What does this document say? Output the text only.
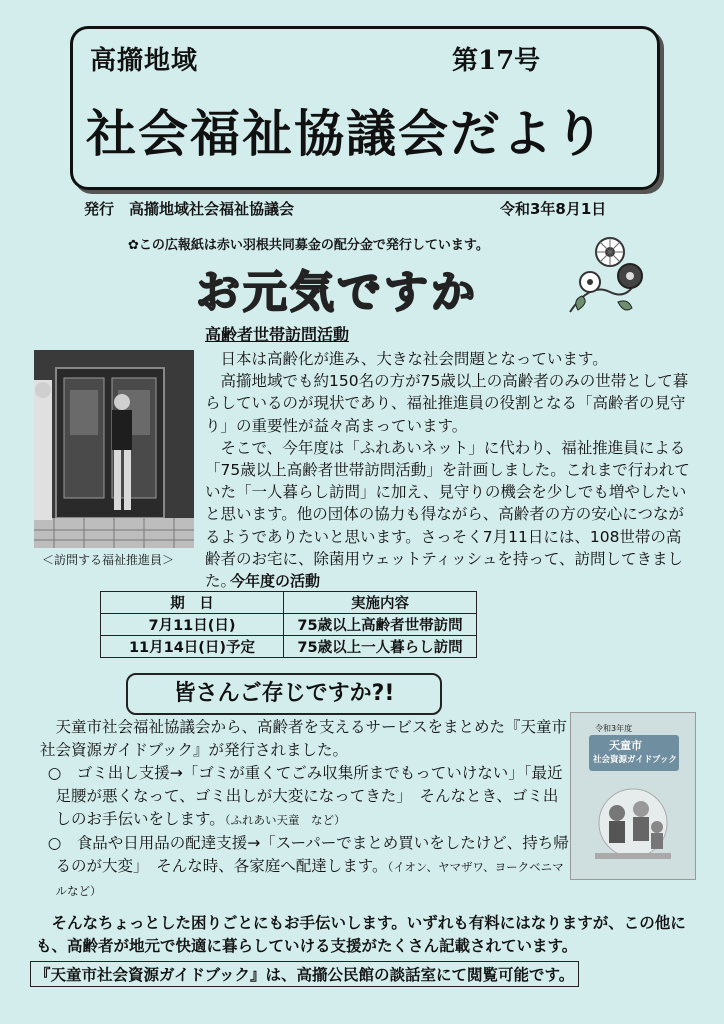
高擶地域	第17号
社会福祉協議会だより
発行　高擶地域社会福祉協議会	令和3年8月1日
✿この広報紙は赤い羽根共同募金の配分金で発行しています。
お元気ですか
高齢者世帯訪問活動
＜訪問する福祉推進員＞

日本は高齢化が進み、大きな社会問題となっています。

高擶地域でも約150名の方が75歳以上の高齢者のみの世帯として暮らしているのが現状であり、福祉推進員の役割となる「高齢者の見守り」の重要性が益々高まっています。

そこで、今年度は「ふれあいネット」に代わり、福祉推進員による「75歳以上高齢者世帯訪問活動」を計画しました。これまで行われていた「一人暮らし訪問」に加え、見守りの機会を少しでも増やしたいと思います。他の団体の協力も得ながら、高齢者の方の安心につながるようでありたいと思います。さっそく7月11日には、108世帯の高齢者のお宅に、除菌用ウェットティッシュを持って、訪問してきました。

今年度の活動
期　日	実施内容
7月11日(日)	75歳以上高齢者世帯訪問
11月14日(日)予定	75歳以上一人暮らし訪問
皆さんご存じですか?!

天童市社会福祉協議会から、高齢者を支えるサービスをまとめた『天童市社会資源ガイドブック』が発行されました。

○　ゴミ出し支援→「ゴミが重くてごみ収集所までもっていけない」「最近足腰が悪くなって、ゴミ出しが大変になってきた」　そんなとき、ゴミ出しのお手伝いをします。（ふれあい天童　など）

○　食品や日用品の配達支援→「スーパーでまとめ買いをしたけど、持ち帰るのが大変」　そんな時、各家庭へ配達します。（イオン、ヤマザワ、ヨークベニマルなど）

そんなちょっとした困りごとにもお手伝いします。いずれも有料にはなりますが、この他にも、高齢者が地元で快適に暮らしていける支援がたくさん記載されています。

『天童市社会資源ガイドブック』は、高擶公民館の談話室にて閲覧可能です。
令和3年度
天童市
社会資源ガイドブック
